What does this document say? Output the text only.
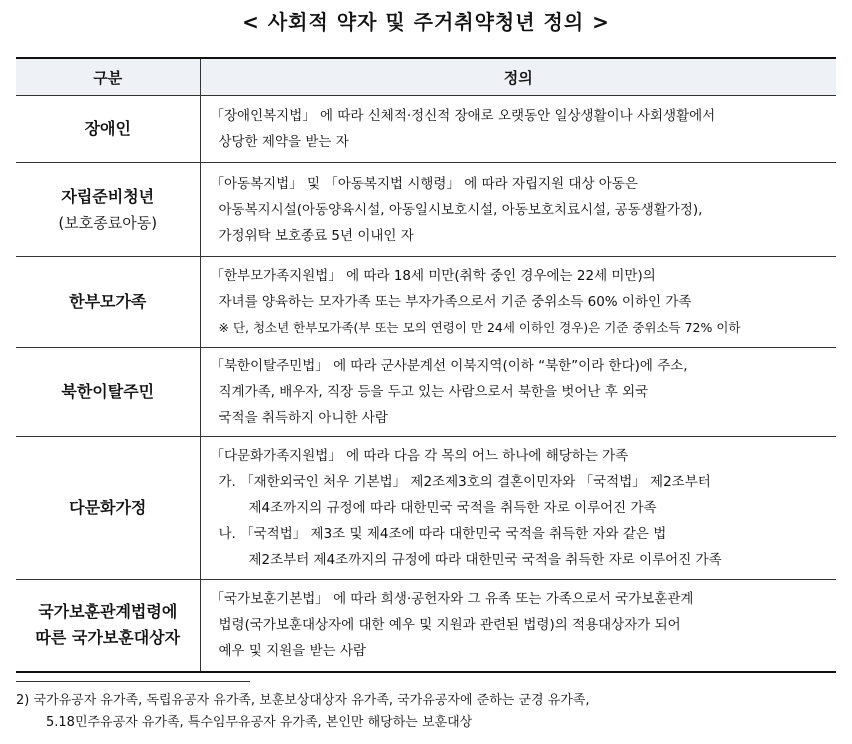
< 사회적 약자 및 주거취약청년 정의 >
구분	정의
장애인	「장애인복지법」 에 따라 신체적·정신적 장애로 오랫동안 일상생활이나 사회생활에서
상당한 제약을 받는 자

자립준비청년
(보호종료아동)	「아동복지법」 및 「아동복지법 시행령」 에 따라 자립지원 대상 아동은
아동복지시설(아동양육시설, 아동일시보호시설, 아동보호치료시설, 공동생활가정),
가정위탁 보호종료 5년 이내인 자

한부모가족	「한부모가족지원법」 에 따라 18세 미만(취학 중인 경우에는 22세 미만)의
자녀를 양육하는 모자가족 또는 부자가족으로서 기준 중위소득 60% 이하인 가족
※ 단, 청소년 한부모가족(부 또는 모의 연령이 만 24세 이하인 경우)은 기준 중위소득 72% 이하

북한이탈주민	「북한이탈주민법」 에 따라 군사분계선 이북지역(이하 “북한”이라 한다)에 주소,
직계가족, 배우자, 직장 등을 두고 있는 사람으로서 북한을 벗어난 후 외국
국적을 취득하지 아니한 사람

다문화가정	「다문화가족지원법」 에 따라 다음 각 목의 어느 하나에 해당하는 가족
가. 「재한외국인 처우 기본법」 제2조제3호의 결혼이민자와 「국적법」 제2조부터
제4조까지의 규정에 따라 대한민국 국적을 취득한 자로 이루어진 가족
나. 「국적법」 제3조 및 제4조에 따라 대한민국 국적을 취득한 자와 같은 법
제2조부터 제4조까지의 규정에 따라 대한민국 국적을 취득한 자로 이루어진 가족

국가보훈관계법령에
따른 국가보훈대상자	「국가보훈기본법」 에 따라 희생·공헌자와 그 유족 또는 가족으로서 국가보훈관계
법령(국가보훈대상자에 대한 예우 및 지원과 관련된 법령)의 적용대상자가 되어
예우 및 지원을 받는 사람
2) 국가유공자 유가족, 독립유공자 유가족, 보훈보상대상자 유가족, 국가유공자에 준하는 군경 유가족,
5.18민주유공자 유가족, 특수임무유공자 유가족, 본인만 해당하는 보훈대상
